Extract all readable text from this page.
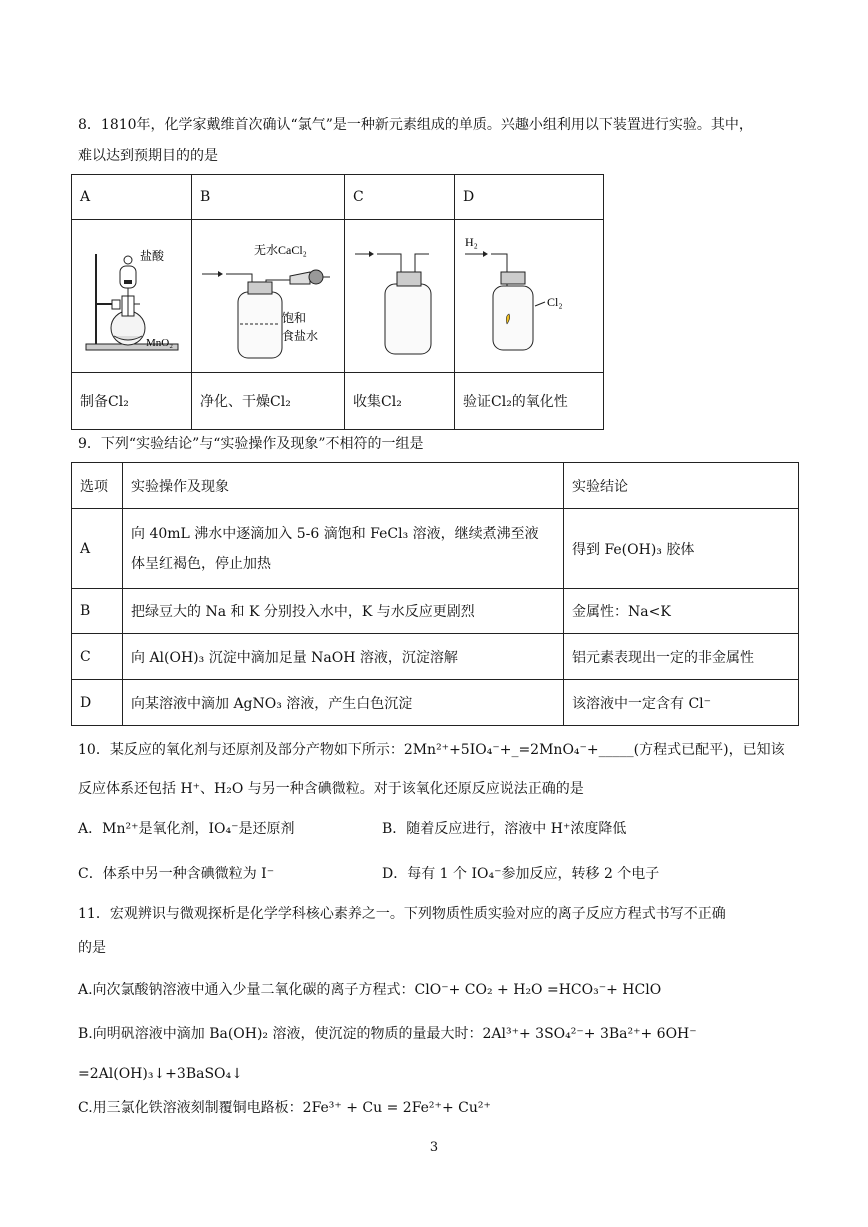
8．1810年，化学家戴维首次确认“氯气”是一种新元素组成的单质。兴趣小组利用以下装置进行实验。其中，
难以达到预期目的的是
A	B	C	D

盐酸
MnO₂	无水CaCl₂
饱和
食盐水		H₂
Cl₂

制备Cl₂	净化、干燥Cl₂	收集Cl₂	验证Cl₂的氧化性
9．下列“实验结论”与“实验操作及现象”不相符的一组是
选项	实验操作及现象	实验结论
A	向 40mL 沸水中逐滴加入 5-6 滴饱和 FeCl₃ 溶液，继续煮沸至液
体呈红褐色，停止加热	得到 Fe(OH)₃ 胶体
B	把绿豆大的 Na 和 K 分别投入水中，K 与水反应更剧烈	金属性：Na<K
C	向 Al(OH)₃ 沉淀中滴加足量 NaOH 溶液，沉淀溶解	铝元素表现出一定的非金属性
D	向某溶液中滴加 AgNO₃ 溶液，产生白色沉淀	该溶液中一定含有 Cl⁻
10．某反应的氧化剂与还原剂及部分产物如下所示：2Mn²⁺+5IO₄⁻+_=2MnO₄⁻+_____(方程式已配平)，已知该
反应体系还包括 H⁺、H₂O 与另一种含碘微粒。对于该氧化还原反应说法正确的是
A．Mn²⁺是氧化剂，IO₄⁻是还原剂	B．随着反应进行，溶液中 H⁺浓度降低
C．体系中另一种含碘微粒为 I⁻	D．每有 1 个 IO₄⁻参加反应，转移 2 个电子
11．宏观辨识与微观探析是化学学科核心素养之一。下列物质性质实验对应的离子反应方程式书写不正确
的是
A.向次氯酸钠溶液中通入少量二氧化碳的离子方程式：ClO⁻+ CO₂ + H₂O =HCO₃⁻+ HClO
B.向明矾溶液中滴加 Ba(OH)₂ 溶液，使沉淀的物质的量最大时：2Al³⁺+ 3SO₄²⁻+ 3Ba²⁺+ 6OH⁻
=2Al(OH)₃↓+3BaSO₄↓
C.用三氯化铁溶液刻制覆铜电路板：2Fe³⁺ + Cu = 2Fe²⁺+ Cu²⁺
3
